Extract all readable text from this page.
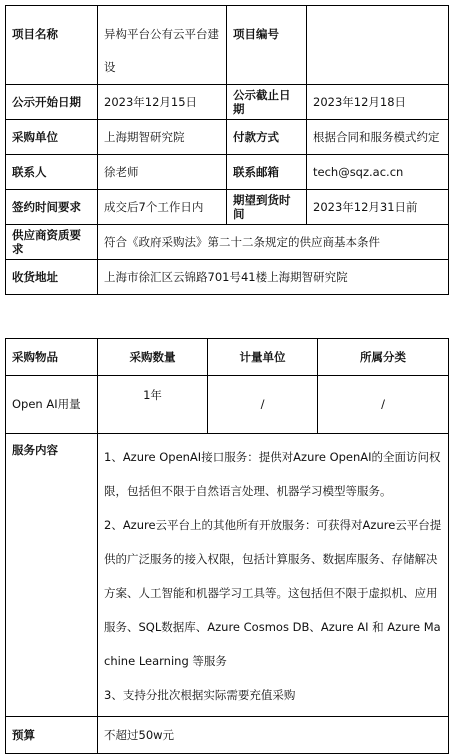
项目名称	异构平台公有云平台建设	项目编号	
公示开始日期	2023年12月15日	公示截止日期	2023年12月18日
采购单位	上海期智研究院	付款方式	根据合同和服务模式约定
联系人	徐老师	联系邮箱	tech@sqz.ac.cn
签约时间要求	成交后7个工作日内	期望到货时间	2023年12月31日前
供应商资质要求	符合《政府采购法》第二十二条规定的供应商基本条件		
收货地址	上海市徐汇区云锦路701号41楼上海期智研究院		
采购物品	采购数量	计量单位	所属分类
Open AI用量	1年	/	/
服务内容	1、Azure OpenAI接口服务：提供对Azure OpenAI的全面访问权限，包括但不限于自然语言处理、机器学习模型等服务。

2、Azure云平台上的其他所有开放服务：可获得对Azure云平台提供的广泛服务的接入权限，包括计算服务、数据库服务、存储解决方案、人工智能和机器学习工具等。这包括但不限于虚拟机、应用服务、SQL数据库、Azure Cosmos DB、Azure AI 和 Azure Machine Learning 等服务

3、支持分批次根据实际需要充值采购		

预算	不超过50w元		
